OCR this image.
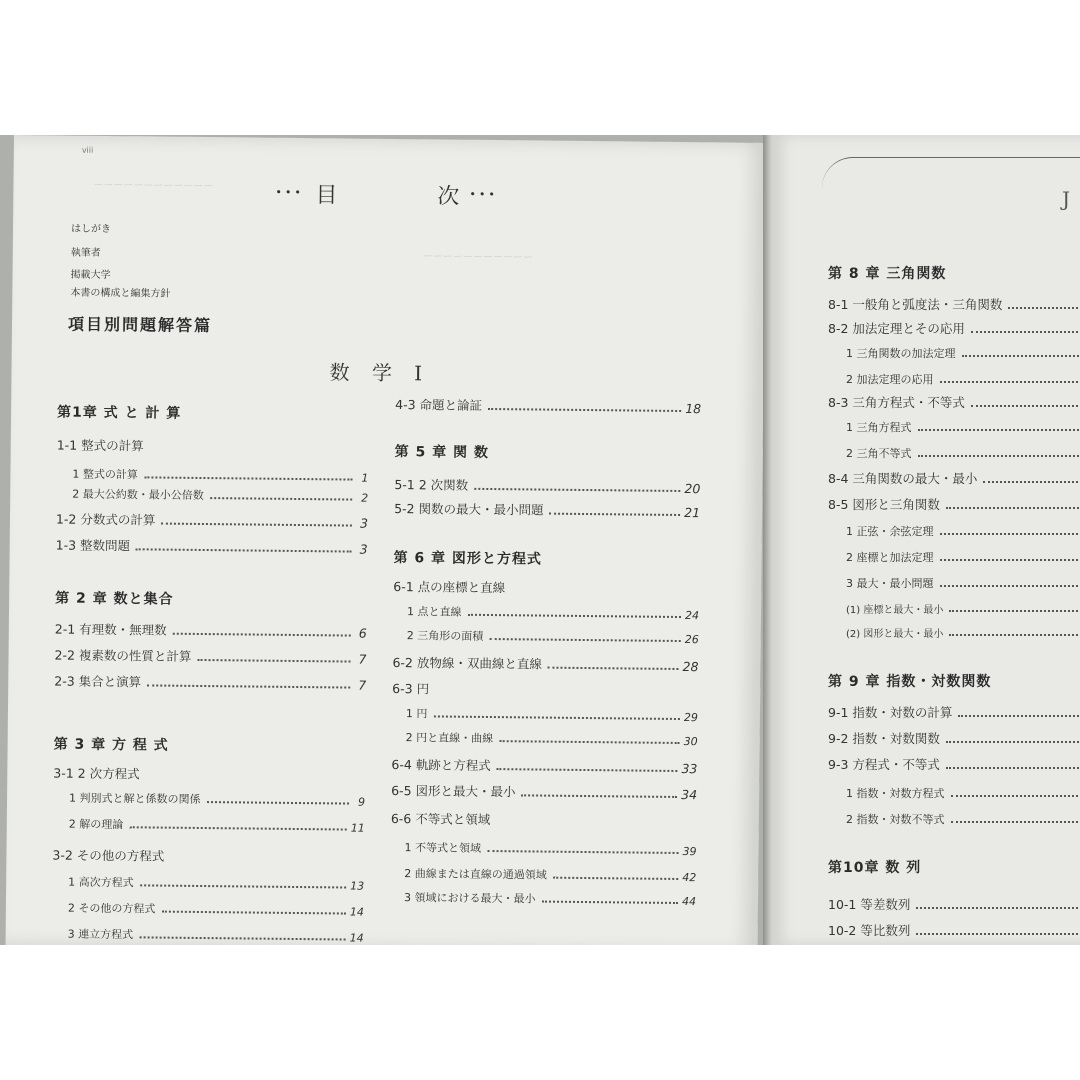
viii
••• 目	次 •••
はしがき
執筆者
掲載大学
本書の構成と編集方針
項目別問題解答篇
数 学 I
第1章 式 と 計 算
1-1 整式の計算
1 整式の計算	1
2 最大公約数・最小公倍数	2
1-2 分数式の計算	3
1-3 整数問題	3
第 2 章 数と集合
2-1 有理数・無理数	6
2-2 複素数の性質と計算	7
2-3 集合と演算	7
第 3 章 方 程 式
3-1 2 次方程式
1 判別式と解と係数の関係	9
2 解の理論	11
3-2 その他の方程式
1 高次方程式	13
2 その他の方程式	14
3 連立方程式	14
4-3 命題と論証	18
第 5 章 関 数
5-1 2 次関数	20
5-2 関数の最大・最小問題	21
第 6 章 図形と方程式
6-1 点の座標と直線
1 点と直線	24
2 三角形の面積	26
6-2 放物線・双曲線と直線	28
6-3 円
1 円	29
2 円と直線・曲線	30
6-4 軌跡と方程式	33
6-5 図形と最大・最小	34
6-6 不等式と領域
1 不等式と領域	39
2 曲線または直線の通過領域	42
3 領域における最大・最小	44
ーーーーーーーーーーーー
ーーーーーーーーーーー
J
第 8 章 三角関数
8-1 一般角と弧度法・三角関数
8-2 加法定理とその応用
1 三角関数の加法定理
2 加法定理の応用
8-3 三角方程式・不等式
1 三角方程式
2 三角不等式
8-4 三角関数の最大・最小
8-5 図形と三角関数
1 正弦・余弦定理
2 座標と加法定理
3 最大・最小問題
(1) 座標と最大・最小
(2) 図形と最大・最小
第 9 章 指数・対数関数
9-1 指数・対数の計算
9-2 指数・対数関数
9-3 方程式・不等式
1 指数・対数方程式
2 指数・対数不等式
第10章 数 列
10-1 等差数列
10-2 等比数列
